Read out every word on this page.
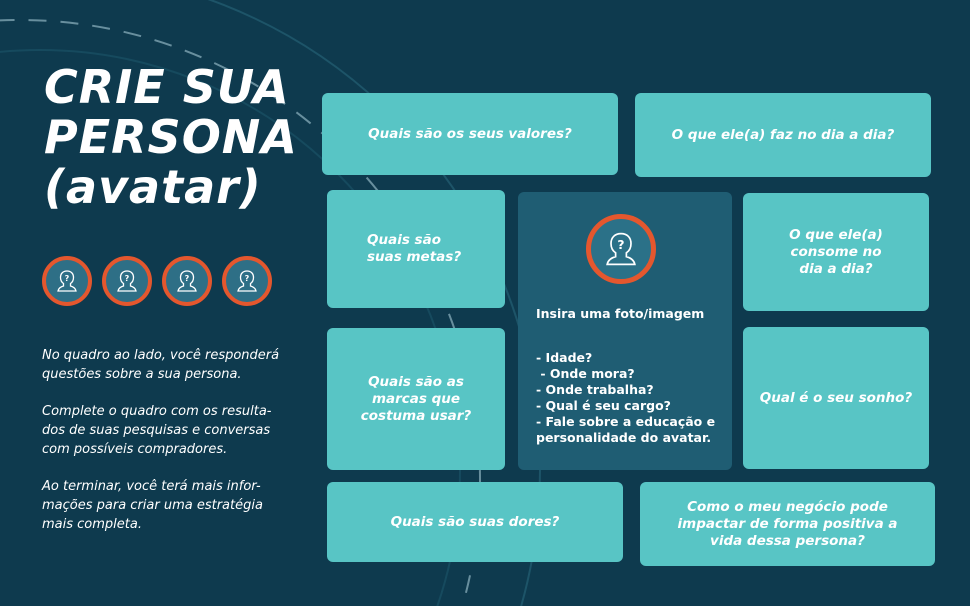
CRIE SUA
PERSONA
(avatar)
?	?	?	?

No quadro ao lado, você responderá
questões sobre a sua persona.

Complete o quadro com os resulta-
dos de suas pesquisas e conversas
com possíveis compradores.

Ao terminar, você terá mais infor-
mações para criar uma estratégia
mais completa.

Quais são os seus valores?	O que ele(a) faz no dia a dia?
Quais são
suas metas?
O que ele(a)
consome no
dia a dia?
Quais são as
marcas que
costuma usar?
Qual é o seu sonho?
Quais são suas dores?
Como o meu negócio pode
impactar de forma positiva a
vida dessa persona?
?

Insira uma foto/imagem

- Idade?
- Onde mora?
- Onde trabalha?
- Qual é seu cargo?
- Fale sobre a educação e
personalidade do avatar.
